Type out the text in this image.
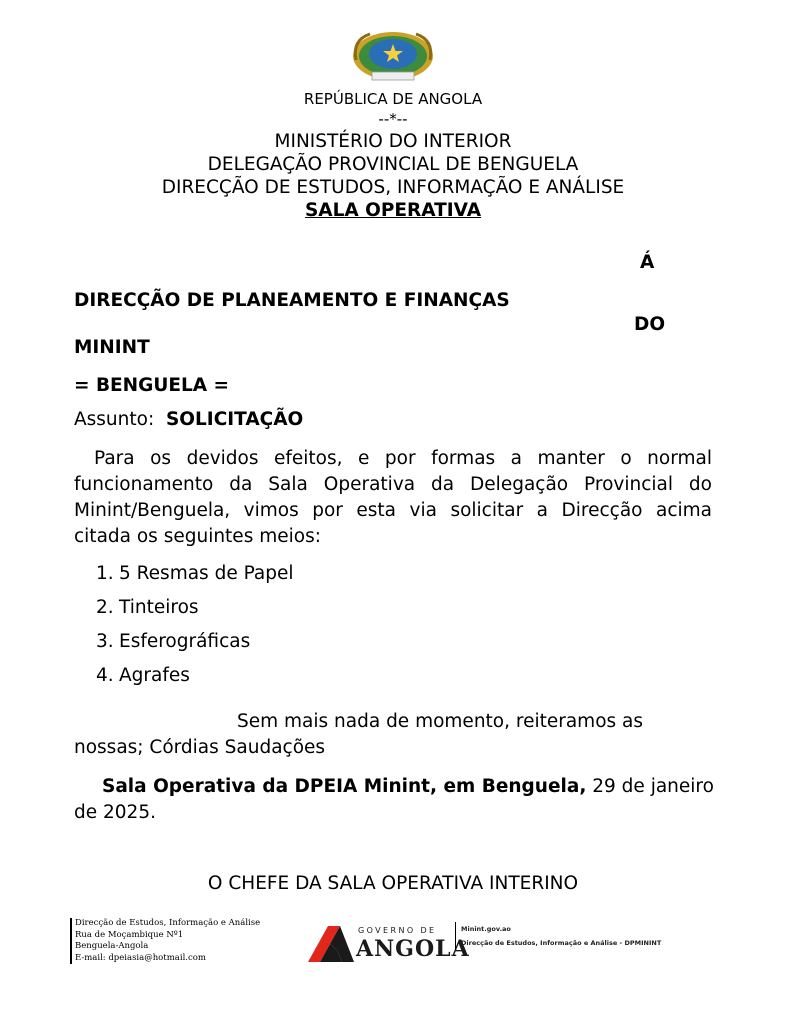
REPÚBLICA DE ANGOLA
--*--
MINISTÉRIO DO INTERIOR
DELEGAÇÃO PROVINCIAL DE BENGUELA
DIRECÇÃO DE ESTUDOS, INFORMAÇÃO E ANÁLISE
SALA OPERATIVA
Á
DIRECÇÃO DE PLANEAMENTO E FINANÇAS
DO
MININT
= BENGUELA =
Assunto: SOLICITAÇÃO
Para os devidos efeitos, e por formas a manter o normal funcionamento da Sala Operativa da Delegação Provincial do Minint/Benguela, vimos por esta via solicitar a Direcção acima citada os seguintes meios:
1. 5 Resmas de Papel
2. Tinteiros
3. Esferográficas
4. Agrafes
Sem mais nada de momento, reiteramos as nossas; Córdias Saudações
Sala Operativa da DPEIA Minint, em Benguela, 29 de janeiro de 2025.
O CHEFE DA SALA OPERATIVA INTERINO
Direcção de Estudos, Informação e Análise
Rua de Moçambique Nº1
Benguela-Angola
E-mail: dpeiasia@hotmail.com
GOVERNO DE
ANGOLA
Minint.gov.ao
Direcção de Estudos, Informação e Análise - DPMININT
